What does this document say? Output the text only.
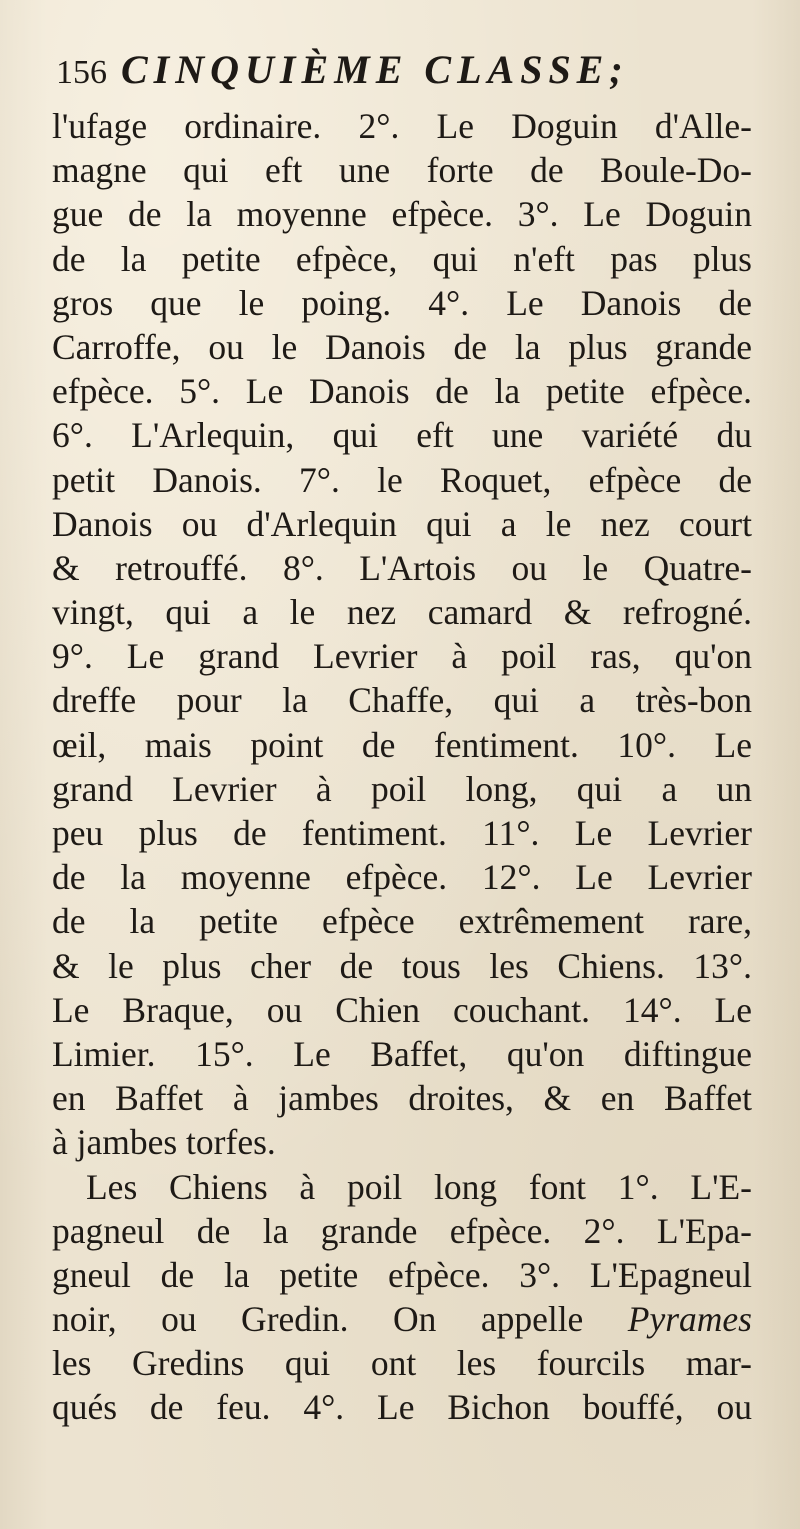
156 CINQUIÈME CLASSE;
l'ufage ordinaire. 2°. Le Doguin d'Alle-
magne qui eft une forte de Boule-Do-
gue de la moyenne efpèce. 3°. Le Doguin
de la petite efpèce, qui n'eft pas plus
gros que le poing. 4°. Le Danois de
Carroffe, ou le Danois de la plus grande
efpèce. 5°. Le Danois de la petite efpèce.
6°. L'Arlequin, qui eft une variété du
petit Danois. 7°. le Roquet, efpèce de
Danois ou d'Arlequin qui a le nez court
& retrouffé. 8°. L'Artois ou le Quatre-
vingt, qui a le nez camard & refrogné.
9°. Le grand Levrier à poil ras, qu'on
dreffe pour la Chaffe, qui a très-bon
œil, mais point de fentiment. 10°. Le
grand Levrier à poil long, qui a un
peu plus de fentiment. 11°. Le Levrier
de la moyenne efpèce. 12°. Le Levrier
de la petite efpèce extrêmement rare,
& le plus cher de tous les Chiens. 13°.
Le Braque, ou Chien couchant. 14°. Le
Limier. 15°. Le Baffet, qu'on diftingue
en Baffet à jambes droites, & en Baffet
à jambes torfes.
Les Chiens à poil long font 1°. L'E-
pagneul de la grande efpèce. 2°. L'Epa-
gneul de la petite efpèce. 3°. L'Epagneul
noir, ou Gredin. On appelle Pyrames
les Gredins qui ont les fourcils mar-
qués de feu. 4°. Le Bichon bouffé, ou
